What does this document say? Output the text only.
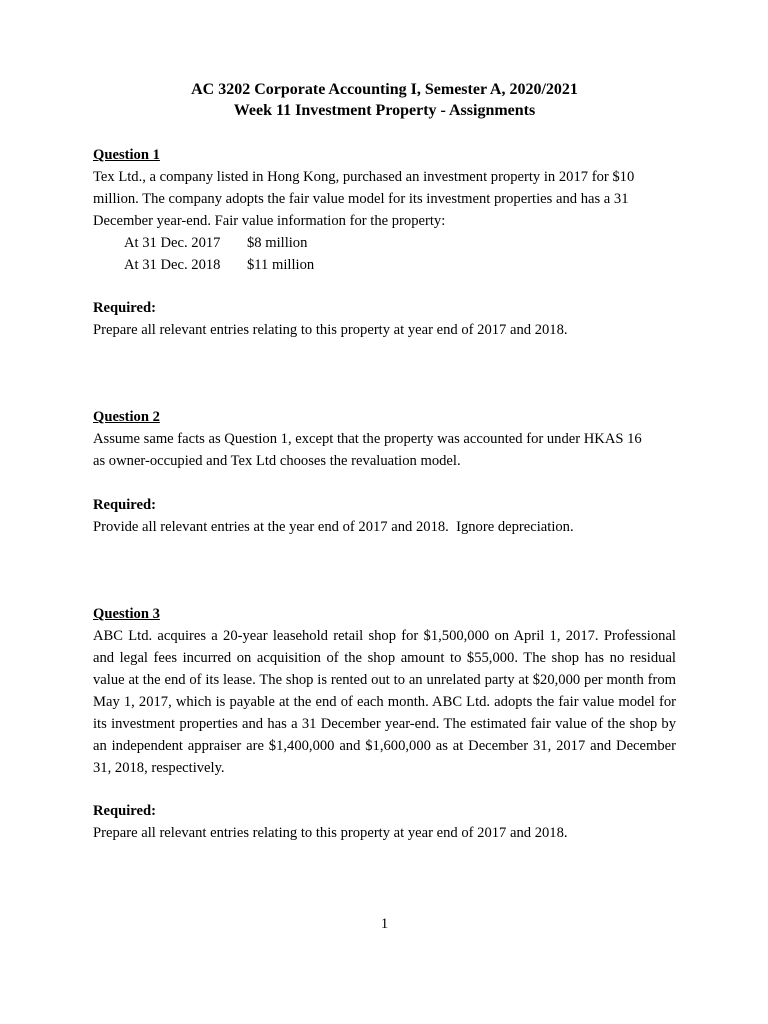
AC 3202 Corporate Accounting I, Semester A, 2020/2021
Week 11 Investment Property - Assignments

Question 1

Tex Ltd., a company listed in Hong Kong, purchased an investment property in 2017 for $10

million. The company adopts the fair value model for its investment properties and has a 31

December year-end. Fair value information for the property:

At 31 Dec. 2017	$8 million
At 31 Dec. 2018	$11 million

Required:

Prepare all relevant entries relating to this property at year end of 2017 and 2018.

Question 2

Assume same facts as Question 1, except that the property was accounted for under HKAS 16

as owner-occupied and Tex Ltd chooses the revaluation model.

Required:

Provide all relevant entries at the year end of 2017 and 2018.  Ignore depreciation.

Question 3

ABC Ltd. acquires a 20-year leasehold retail shop for $1,500,000 on April 1, 2017. Professional and legal fees incurred on acquisition of the shop amount to $55,000. The shop has no residual value at the end of its lease. The shop is rented out to an unrelated party at $20,000 per month from May 1, 2017, which is payable at the end of each month. ABC Ltd. adopts the fair value model for its investment properties and has a 31 December year-end. The estimated fair value of the shop by an independent appraiser are $1,400,000 and $1,600,000 as at December 31, 2017 and December 31, 2018, respectively.

Required:

Prepare all relevant entries relating to this property at year end of 2017 and 2018.

1
